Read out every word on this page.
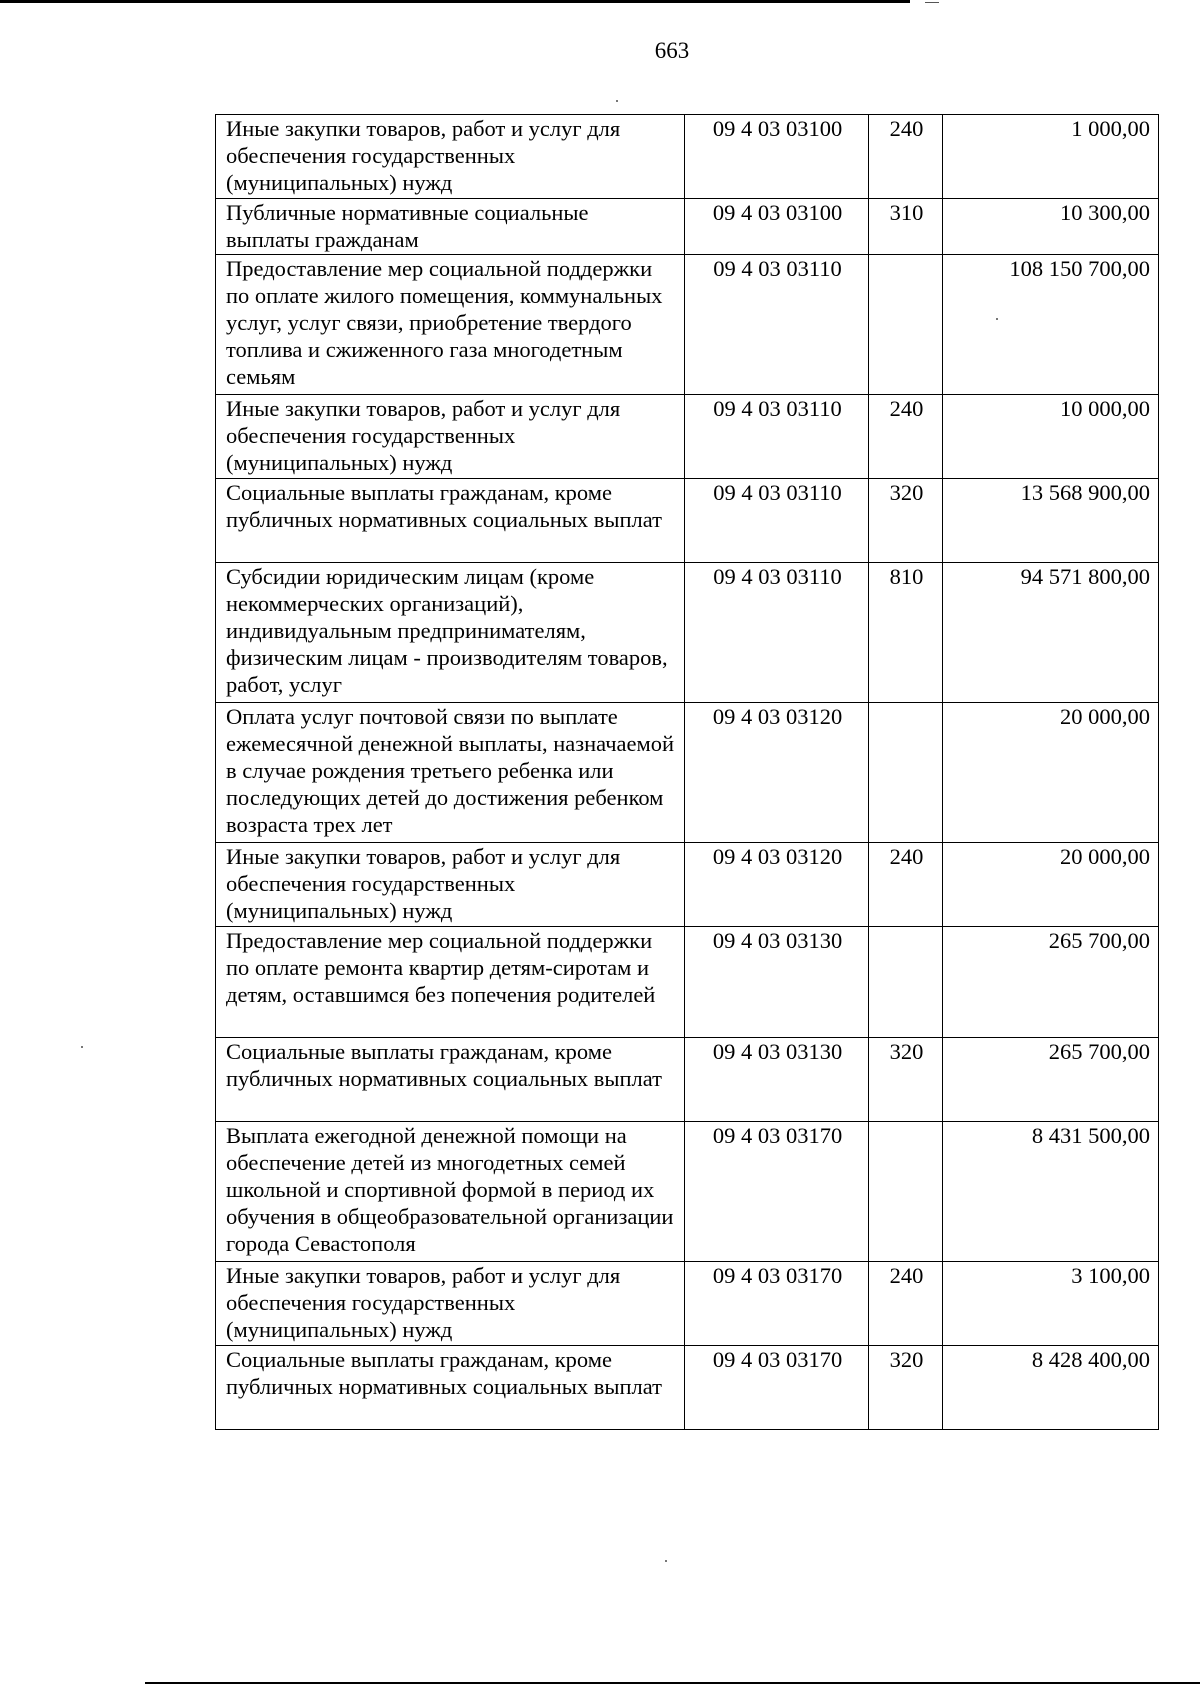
663
Иные закупки товаров, работ и услуг для обеспечения государственных (муниципальных) нужд	09 4 03 03100	240	1 000,00
Публичные нормативные социальные выплаты гражданам	09 4 03 03100	310	10 300,00
Предоставление мер социальной поддержки по оплате жилого помещения, коммунальных услуг, услуг связи, приобретение твердого топлива и сжиженного газа многодетным семьям	09 4 03 03110		108 150 700,00
Иные закупки товаров, работ и услуг для обеспечения государственных (муниципальных) нужд	09 4 03 03110	240	10 000,00
Социальные выплаты гражданам, кроме публичных нормативных социальных выплат	09 4 03 03110	320	13 568 900,00
Субсидии юридическим лицам (кроме некоммерческих организаций), индивидуальным предпринимателям, физическим лицам - производителям товаров, работ, услуг	09 4 03 03110	810	94 571 800,00
Оплата услуг почтовой связи по выплате ежемесячной денежной выплаты, назначаемой в случае рождения третьего ребенка или последующих детей до достижения ребенком возраста трех лет	09 4 03 03120		20 000,00
Иные закупки товаров, работ и услуг для обеспечения государственных (муниципальных) нужд	09 4 03 03120	240	20 000,00
Предоставление мер социальной поддержки по оплате ремонта квартир детям-сиротам и детям, оставшимся без попечения родителей	09 4 03 03130		265 700,00
Социальные выплаты гражданам, кроме публичных нормативных социальных выплат	09 4 03 03130	320	265 700,00
Выплата ежегодной денежной помощи на обеспечение детей из многодетных семей школьной и спортивной формой в период их обучения в общеобразовательной организации города Севастополя	09 4 03 03170		8 431 500,00
Иные закупки товаров, работ и услуг для обеспечения государственных (муниципальных) нужд	09 4 03 03170	240	3 100,00
Социальные выплаты гражданам, кроме публичных нормативных социальных выплат	09 4 03 03170	320	8 428 400,00
